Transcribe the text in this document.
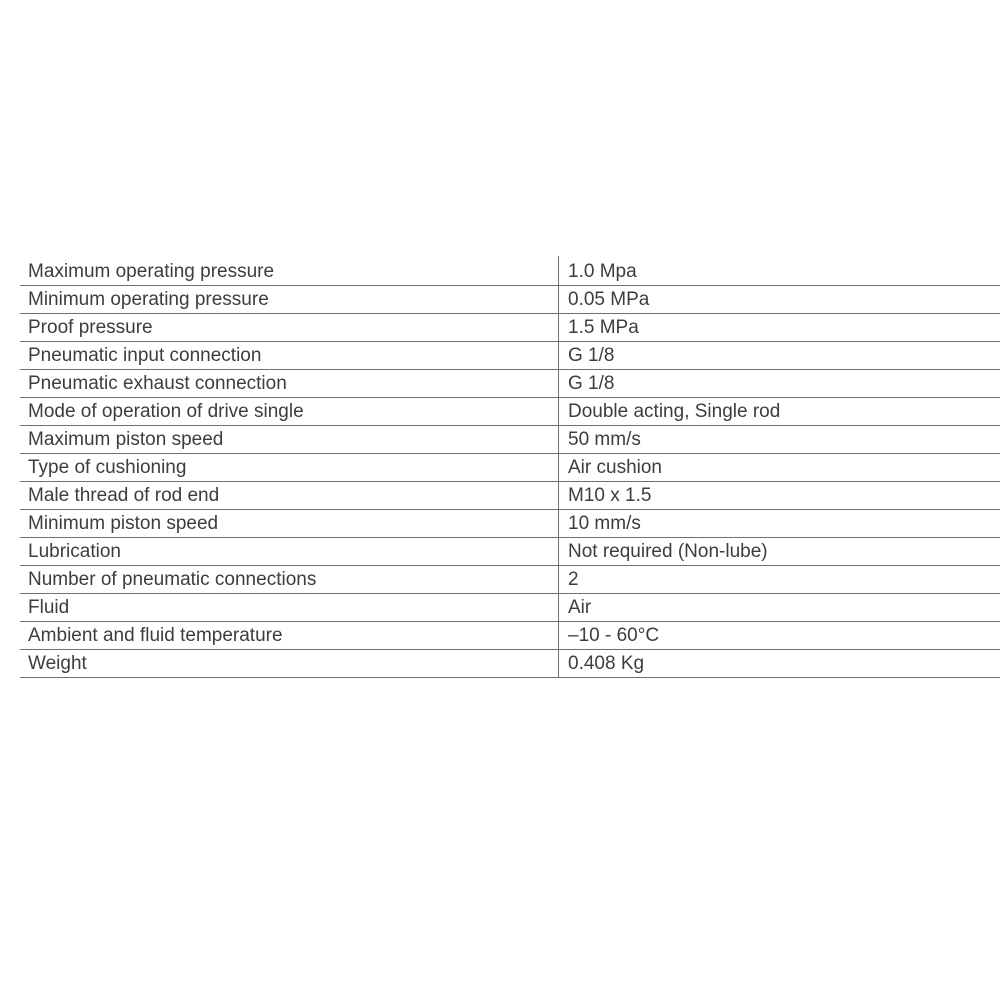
Maximum operating pressure	1.0 Mpa
Minimum operating pressure	0.05 MPa
Proof pressure	1.5 MPa
Pneumatic input connection	G 1/8
Pneumatic exhaust connection	G 1/8
Mode of operation of drive single	Double acting, Single rod
Maximum piston speed	50 mm/s
Type of cushioning	Air cushion
Male thread of rod end	M10 x 1.5
Minimum piston speed	10 mm/s
Lubrication	Not required (Non-lube)
Number of pneumatic connections	2
Fluid	Air
Ambient and fluid temperature	–10 - 60°C
Weight	0.408 Kg
